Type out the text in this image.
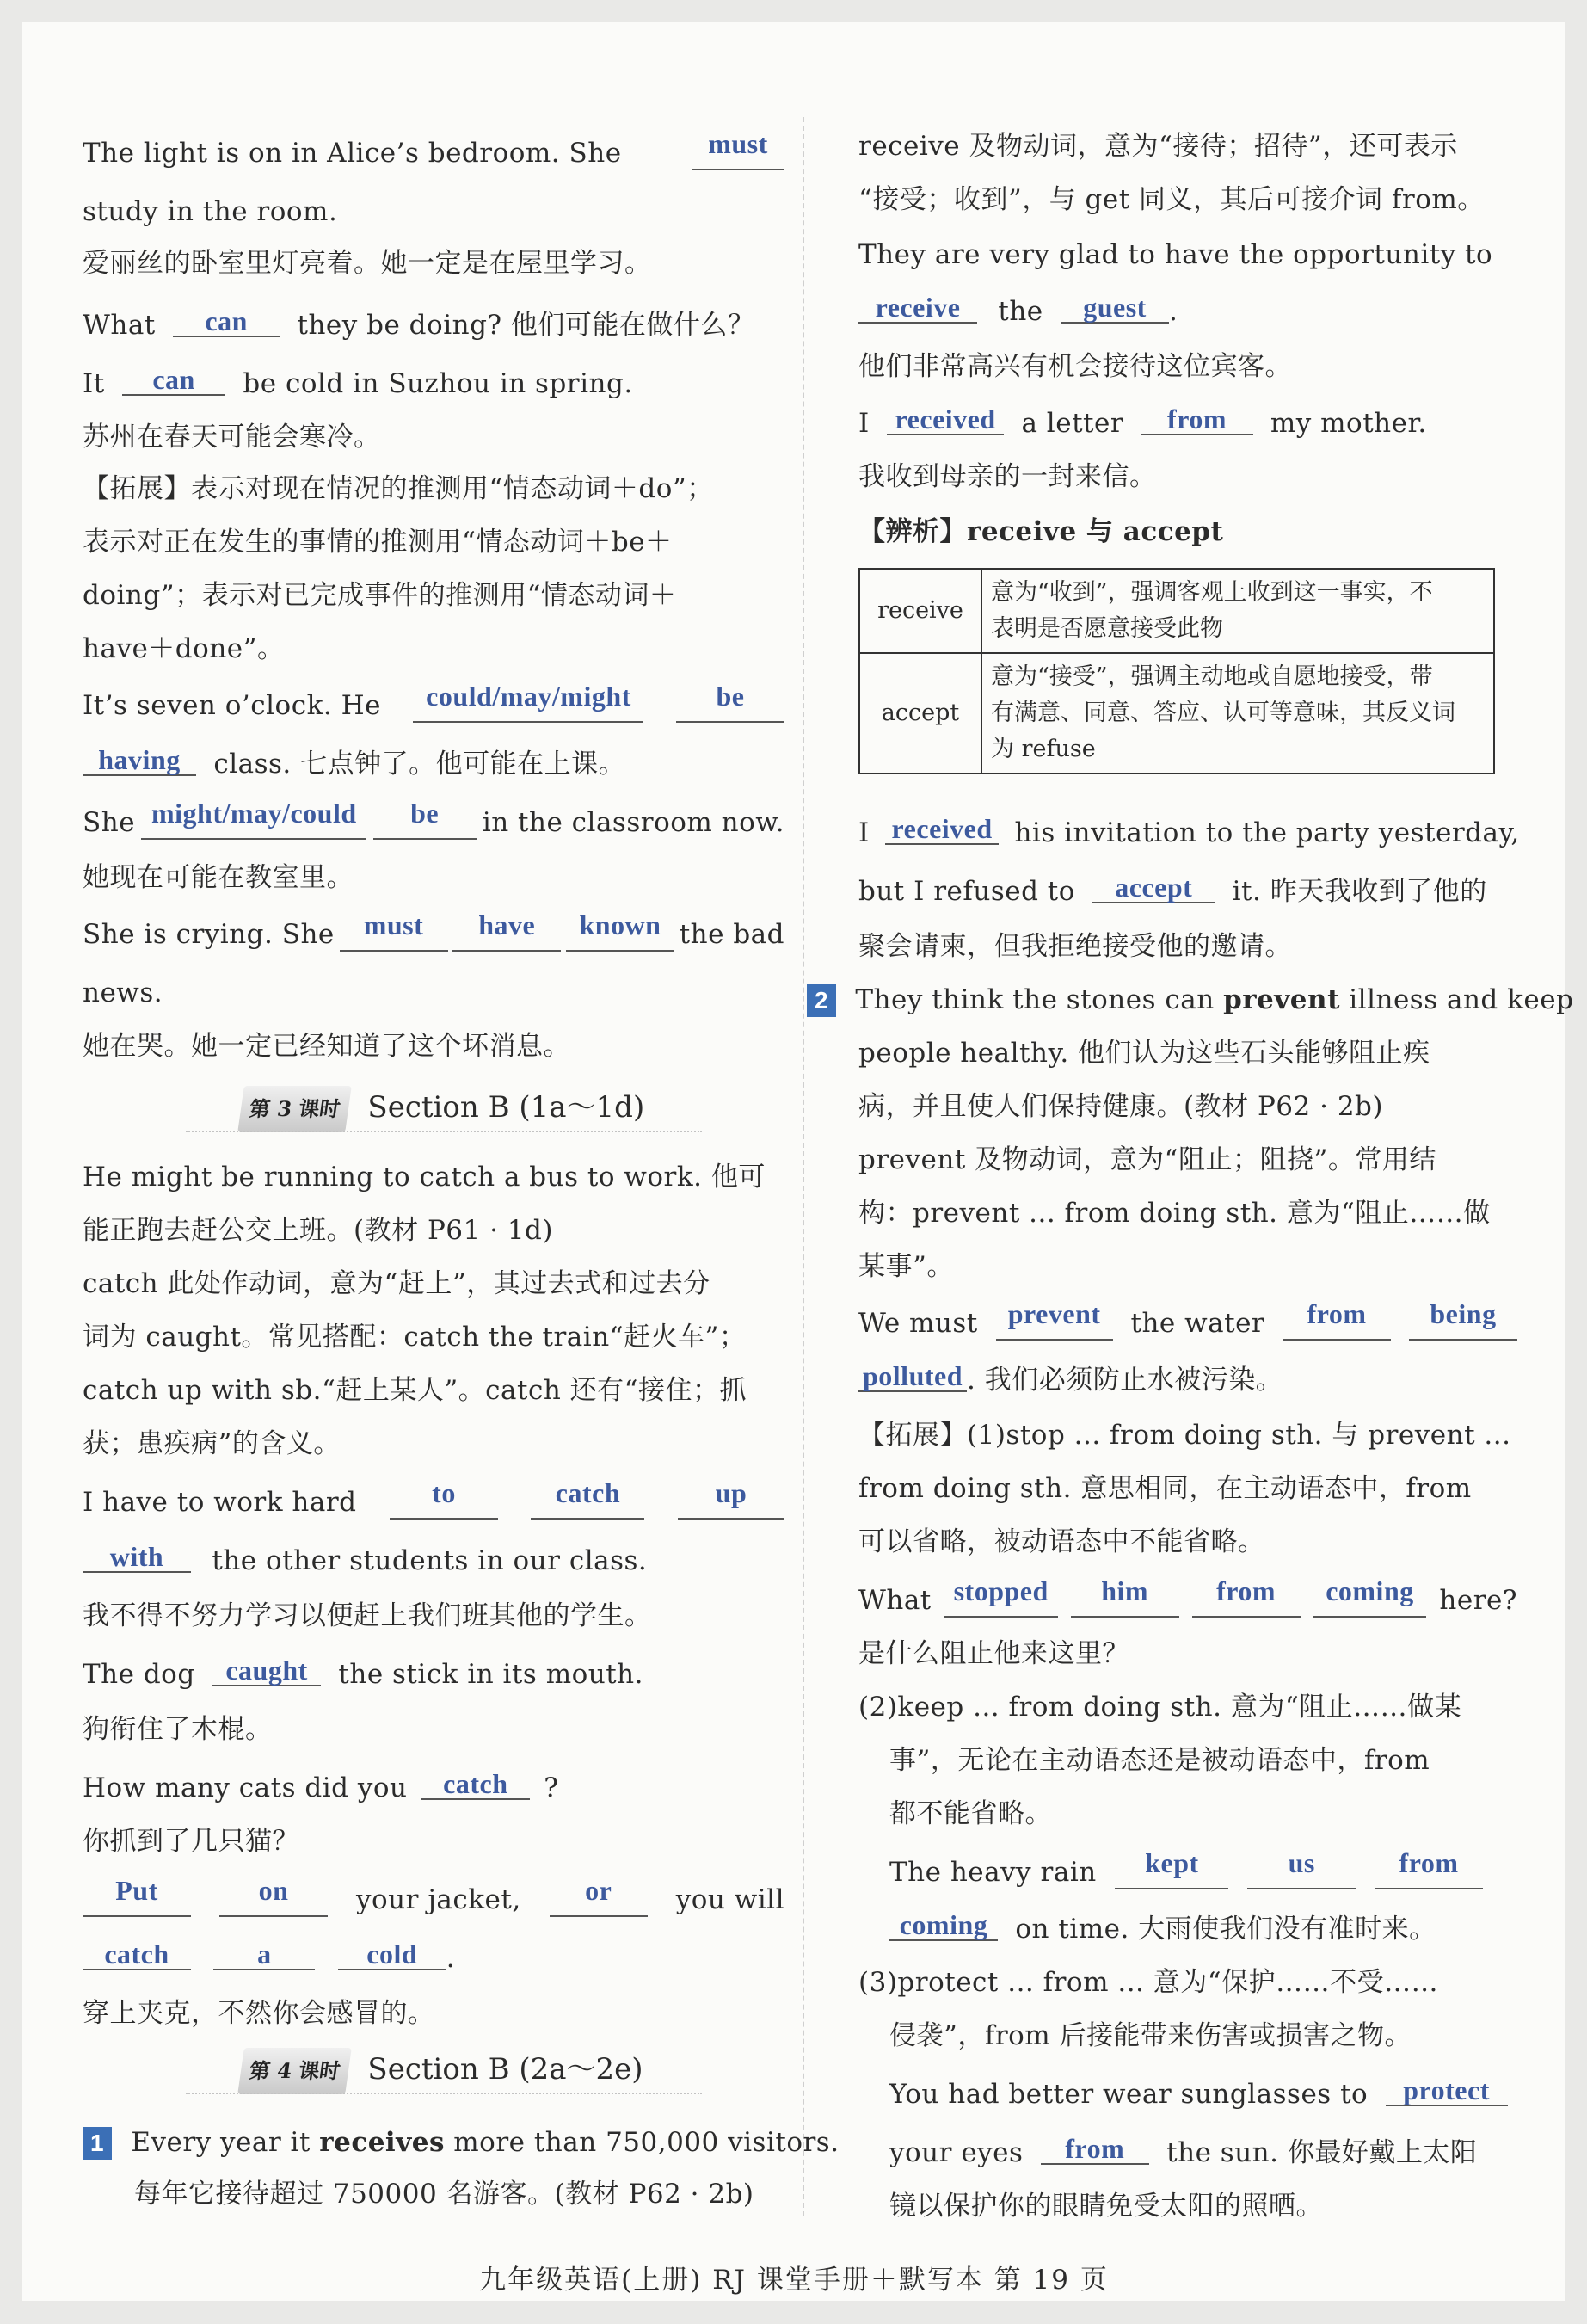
The light is on in Alice’s bedroom. She	must
study in the room.
爱丽丝的卧室里灯亮着。她一定是在屋里学习。
What can they be doing? 他们可能在做什么？
It can be cold in Suzhou in spring.
苏州在春天可能会寒冷。
【拓展】表示对现在情况的推测用“情态动词＋do”；
表示对正在发生的事情的推测用“情态动词＋be＋
doing”；表示对已完成事件的推测用“情态动词＋
have＋done”。
It’s seven o’clock. He	could/may/might	be
having class. 七点钟了。他可能在上课。
She might/may/could	be	in the classroom now.
她现在可能在教室里。
She is crying. She	must	have	known the bad
news.
她在哭。她一定已经知道了这个坏消息。
第 3 课时 Section B (1a～1d)
He might be running to catch a bus to work. 他可
能正跑去赶公交上班。(教材 P61 · 1d)
catch 此处作动词，意为“赶上”，其过去式和过去分
词为 caught。常见搭配：catch the train“赶火车”；
catch up with sb.“赶上某人”。catch 还有“接住；抓
获；患疾病”的含义。
I have to work hard	to	catch	up
with the other students in our class.
我不得不努力学习以便赶上我们班其他的学生。
The dog caught the stick in its mouth.
狗衔住了木棍。
How many cats did you catch ?
你抓到了几只猫？
Put	on	your jacket,	or	you will
catch	a	cold .
穿上夹克，不然你会感冒的。
第 4 课时 Section B (2a～2e)
1 Every year it receives more than 750,000 visitors.
每年它接待超过 750000 名游客。(教材 P62 · 2b)
receive 及物动词，意为“接待；招待”，还可表示
“接受；收到”，与 get 同义，其后可接介词 from。
They are very glad to have the opportunity to
receive the guest .
他们非常高兴有机会接待这位宾客。
I received a letter from my mother.
我收到母亲的一封来信。
【辨析】receive 与 accept
receive	意为“收到”，强调客观上收到这一事实，不
表明是否愿意接受此物

accept	意为“接受”，强调主动地或自愿地接受，带
有满意、同意、答应、认可等意味，其反义词
为 refuse
I received his invitation to the party yesterday,
but I refused to accept it. 昨天我收到了他的
聚会请柬，但我拒绝接受他的邀请。
2 They think the stones can prevent illness and keep
people healthy. 他们认为这些石头能够阻止疾
病，并且使人们保持健康。(教材 P62 · 2b)
prevent 及物动词，意为“阻止；阻挠”。常用结
构：prevent ... from doing sth. 意为“阻止……做
某事”。
We must	prevent	the water	from	being
polluted . 我们必须防止水被污染。
【拓展】(1)stop ... from doing sth. 与 prevent ...
from doing sth. 意思相同，在主动语态中，from
可以省略，被动语态中不能省略。
What stopped	him	from	coming here?
是什么阻止他来这里？
(2)keep ... from doing sth. 意为“阻止……做某
事”，无论在主动语态还是被动语态中，from
都不能省略。
The heavy rain	kept	us	from
coming on time. 大雨使我们没有准时来。
(3)protect ... from ... 意为“保护……不受……
侵袭”，from 后接能带来伤害或损害之物。
You had better wear sunglasses to protect
your eyes from the sun. 你最好戴上太阳
镜以保护你的眼睛免受太阳的照晒。
九年级英语(上册) RJ 课堂手册＋默写本 第 19 页
